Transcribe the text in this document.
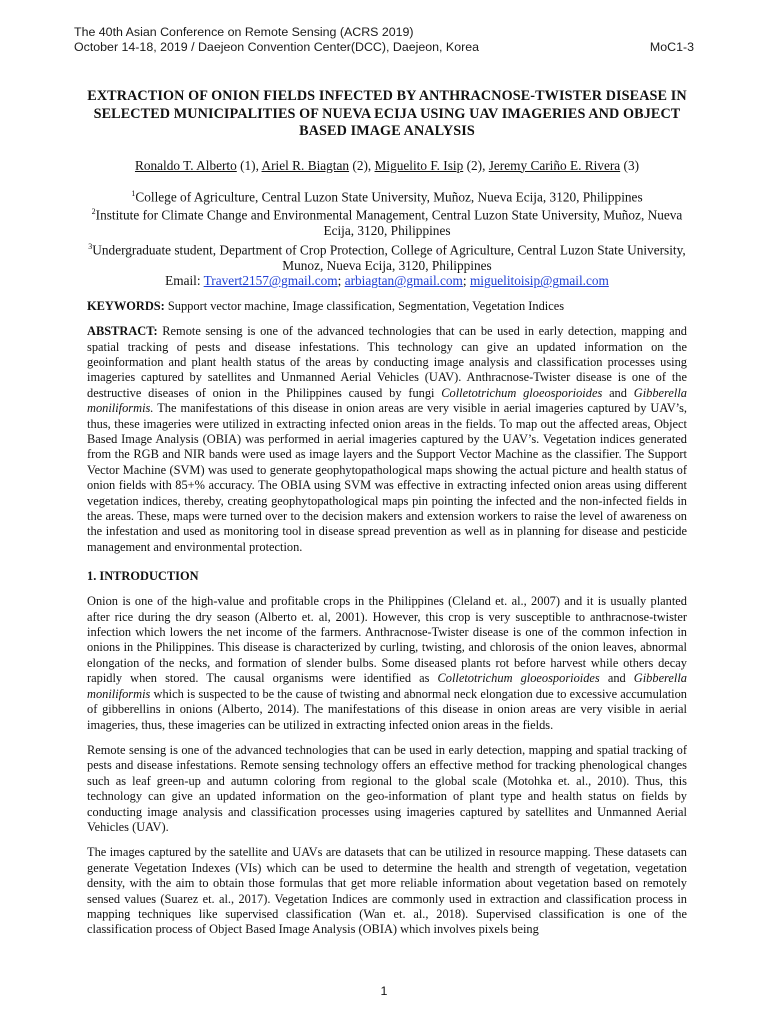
The 40th Asian Conference on Remote Sensing (ACRS 2019)
October 14-18, 2019 / Daejeon Convention Center(DCC), Daejeon, Korea	MoC1-3
EXTRACTION OF ONION FIELDS INFECTED BY ANTHRACNOSE-TWISTER DISEASE IN SELECTED MUNICIPALITIES OF NUEVA ECIJA USING UAV IMAGERIES AND OBJECT BASED IMAGE ANALYSIS
Ronaldo T. Alberto (1), Ariel R. Biagtan (2), Miguelito F. Isip (2), Jeremy Cariño E. Rivera (3)
$^1$College of Agriculture, Central Luzon State University, Muñoz, Nueva Ecija, 3120, Philippines
$^2$Institute for Climate Change and Environmental Management, Central Luzon State University, Muñoz, Nueva Ecija, 3120, Philippines
$^3$Undergraduate student, Department of Crop Protection, College of Agriculture, Central Luzon State University, Munoz, Nueva Ecija, 3120, Philippines
Email: Travert2157@gmail.com; arbiagtan@gmail.com; miguelitoisip@gmail.com

KEYWORDS: Support vector machine, Image classification, Segmentation, Vegetation Indices

ABSTRACT: Remote sensing is one of the advanced technologies that can be used in early detection, mapping and spatial tracking of pests and disease infestations. This technology can give an updated information on the geoinformation and plant health status of the areas by conducting image analysis and classification processes using imageries captured by satellites and Unmanned Aerial Vehicles (UAV). Anthracnose-Twister disease is one of the destructive diseases of onion in the Philippines caused by fungi Colletotrichum gloeosporioides and Gibberella moniliformis. The manifestations of this disease in onion areas are very visible in aerial imageries captured by UAV’s, thus, these imageries were utilized in extracting infected onion areas in the fields. To map out the affected areas, Object Based Image Analysis (OBIA) was performed in aerial imageries captured by the UAV’s. Vegetation indices generated from the RGB and NIR bands were used as image layers and the Support Vector Machine as the classifier. The Support Vector Machine (SVM) was used to generate geophytopathological maps showing the actual picture and health status of onion fields with 85+% accuracy. The OBIA using SVM was effective in extracting infected onion areas using different vegetation indices, thereby, creating geophytopathological maps pin pointing the infected and the non-infected fields in the areas. These, maps were turned over to the decision makers and extension workers to raise the level of awareness on the infestation and used as monitoring tool in disease spread prevention as well as in planning for disease and pesticide management and environmental protection.

1. INTRODUCTION

Onion is one of the high-value and profitable crops in the Philippines (Cleland et. al., 2007) and it is usually planted after rice during the dry season (Alberto et. al, 2001). However, this crop is very susceptible to anthracnose-twister infection which lowers the net income of the farmers. Anthracnose-Twister disease is one of the common infection in onions in the Philippines. This disease is characterized by curling, twisting, and chlorosis of the onion leaves, abnormal elongation of the necks, and formation of slender bulbs. Some diseased plants rot before harvest while others decay rapidly when stored. The causal organisms were identified as Colletotrichum gloeosporioides and Gibberella moniliformis which is suspected to be the cause of twisting and abnormal neck elongation due to excessive accumulation of gibberellins in onions (Alberto, 2014). The manifestations of this disease in onion areas are very visible in aerial imageries, thus, these imageries can be utilized in extracting infected onion areas in the fields.

Remote sensing is one of the advanced technologies that can be used in early detection, mapping and spatial tracking of pests and disease infestations. Remote sensing technology offers an effective method for tracking phenological changes such as leaf green-up and autumn coloring from regional to the global scale (Motohka et. al., 2010). Thus, this technology can give an updated information on the geo-information of plant type and health status on fields by conducting image analysis and classification processes using imageries captured by satellites and Unmanned Aerial Vehicles (UAV).

The images captured by the satellite and UAVs are datasets that can be utilized in resource mapping. These datasets can generate Vegetation Indexes (VIs) which can be used to determine the health and strength of vegetation, vegetation density, with the aim to obtain those formulas that get more reliable information about vegetation based on remotely sensed values (Suarez et. al., 2017). Vegetation Indices are commonly used in extraction and classification process in mapping techniques like supervised classification (Wan et. al., 2018). Supervised classification is one of the classification process of Object Based Image Analysis (OBIA) which involves pixels being

1
